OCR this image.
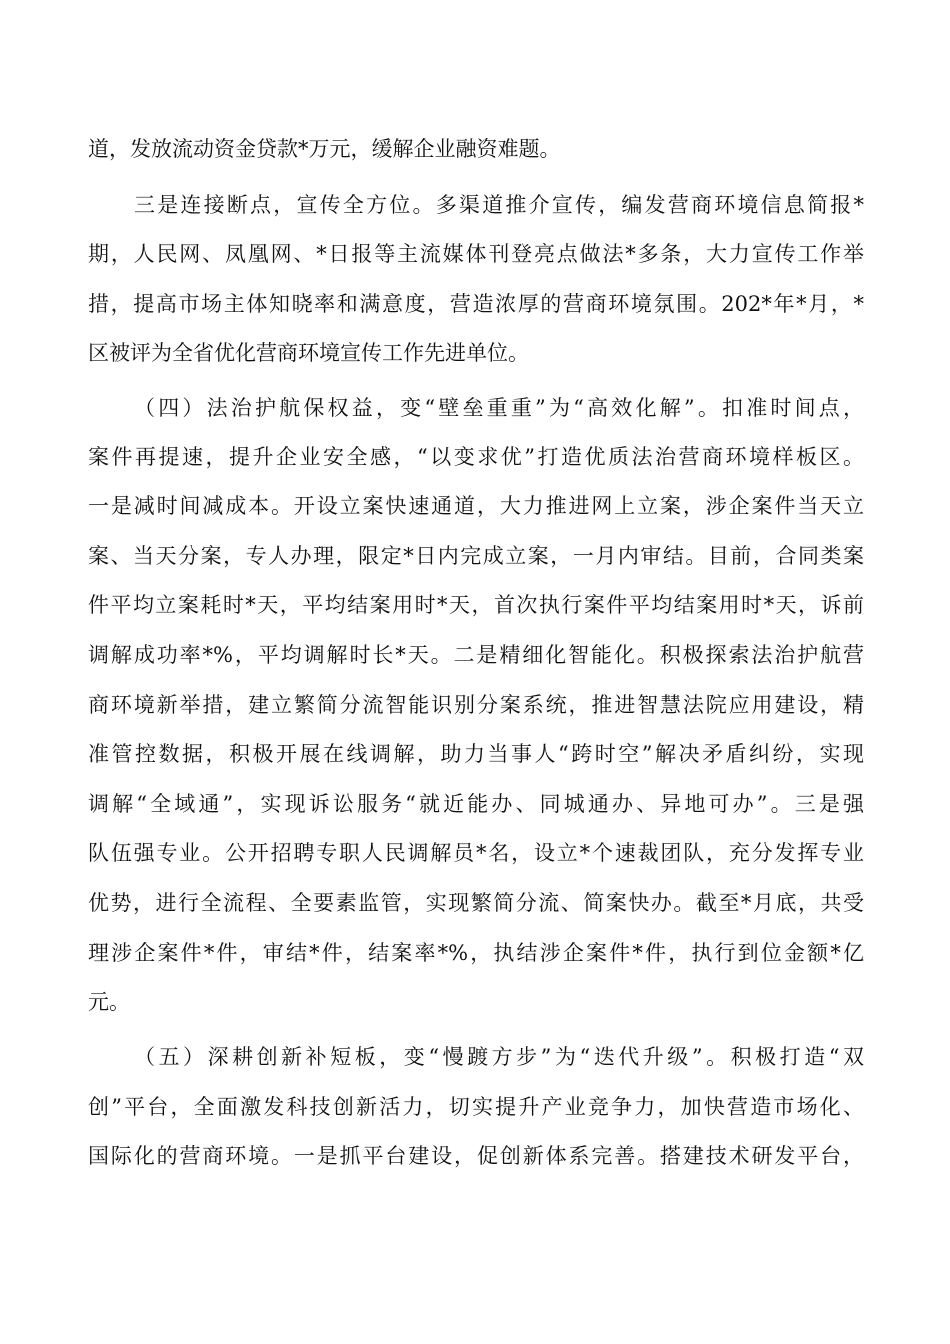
道，发放流动资金贷款*万元，缓解企业融资难题。
三是连接断点，宣传全方位。多渠道推介宣传，编发营商环境信息简报*
期，人民网、凤凰网、*日报等主流媒体刊登亮点做法*多条，大力宣传工作举
措，提高市场主体知晓率和满意度，营造浓厚的营商环境氛围。202*年*月，*
区被评为全省优化营商环境宣传工作先进单位。
（四）法治护航保权益，变“壁垒重重”为“高效化解”。扣准时间点，
案件再提速，提升企业安全感，“以变求优”打造优质法治营商环境样板区。
一是减时间减成本。开设立案快速通道，大力推进网上立案，涉企案件当天立
案、当天分案，专人办理，限定*日内完成立案，一月内审结。目前，合同类案
件平均立案耗时*天，平均结案用时*天，首次执行案件平均结案用时*天，诉前
调解成功率*%，平均调解时长*天。二是精细化智能化。积极探索法治护航营
商环境新举措，建立繁简分流智能识别分案系统，推进智慧法院应用建设，精
准管控数据，积极开展在线调解，助力当事人“跨时空”解决矛盾纠纷，实现
调解“全域通”，实现诉讼服务“就近能办、同城通办、异地可办”。三是强
队伍强专业。公开招聘专职人民调解员*名，设立*个速裁团队，充分发挥专业
优势，进行全流程、全要素监管，实现繁简分流、简案快办。截至*月底，共受
理涉企案件*件，审结*件，结案率*%，执结涉企案件*件，执行到位金额*亿
元。
（五）深耕创新补短板，变“慢踱方步”为“迭代升级”。积极打造“双
创”平台，全面激发科技创新活力，切实提升产业竞争力，加快营造市场化、
国际化的营商环境。一是抓平台建设，促创新体系完善。搭建技术研发平台，
